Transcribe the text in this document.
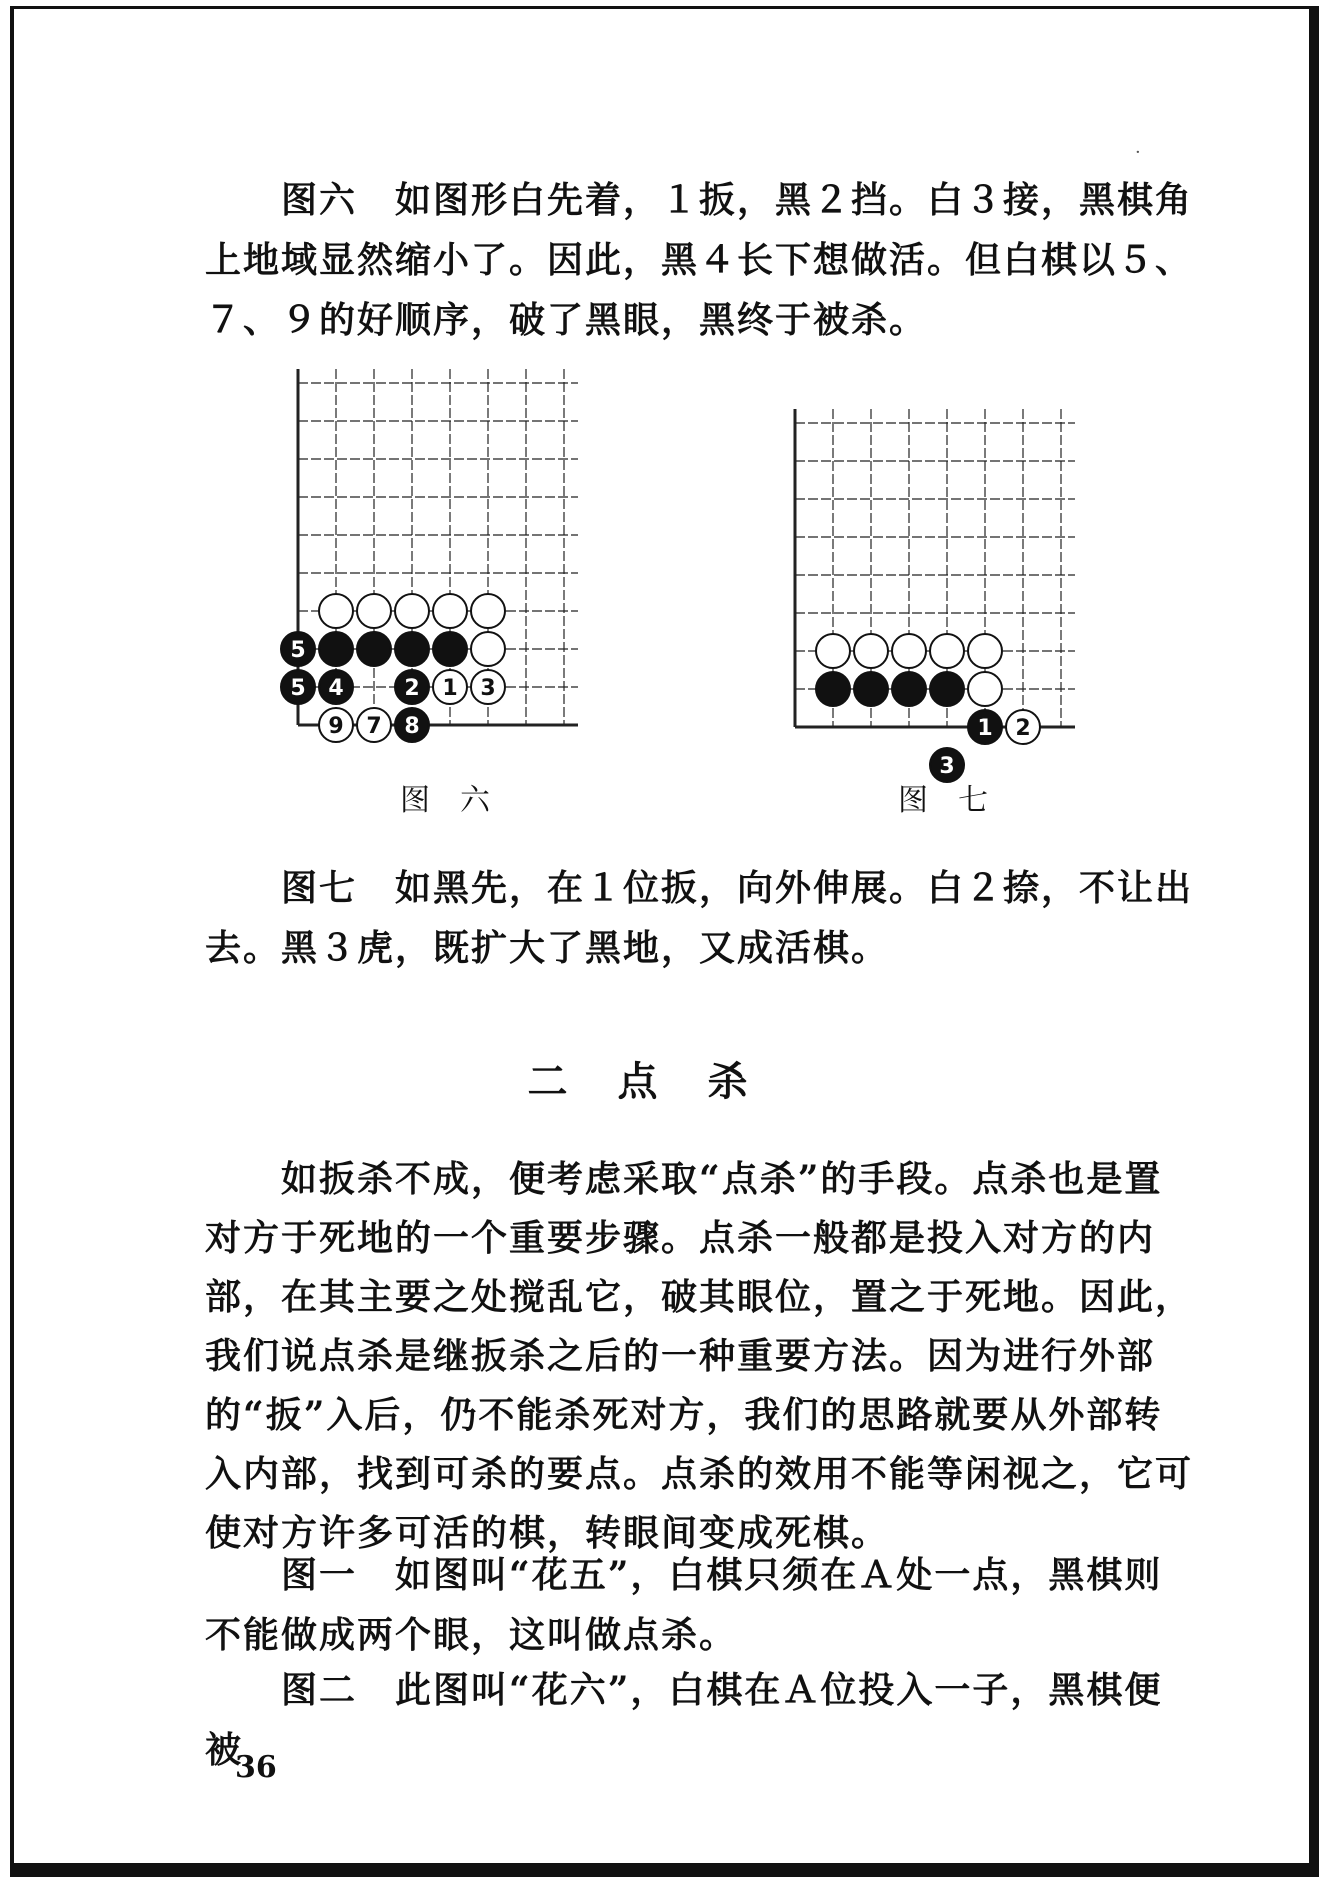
·

图六　如图形白先着，１扳，黑２挡。白３接，黑棋角上地域显然缩小了。因此，黑４长下想做活。但白棋以５、７、９的好顺序，破了黑眼，黑终于被杀。

5
5 4	2 1 3
9 7 8	1 2
3
图六	图七

图七　如黑先，在１位扳，向外伸展。白２捺，不让出去。黑３虎，既扩大了黑地，又成活棋。

二点杀

如扳杀不成，便考虑采取“点杀”的手段。点杀也是置对方于死地的一个重要步骤。点杀一般都是投入对方的内部，在其主要之处搅乱它，破其眼位，置之于死地。因此，我们说点杀是继扳杀之后的一种重要方法。因为进行外部的“扳”入后，仍不能杀死对方，我们的思路就要从外部转入内部，找到可杀的要点。点杀的效用不能等闲视之，它可使对方许多可活的棋，转眼间变成死棋。

图一　如图叫“花五”，白棋只须在Ａ处一点，黑棋则不能做成两个眼，这叫做点杀。

图二　此图叫“花六”，白棋在Ａ位投入一子，黑棋便被

36
